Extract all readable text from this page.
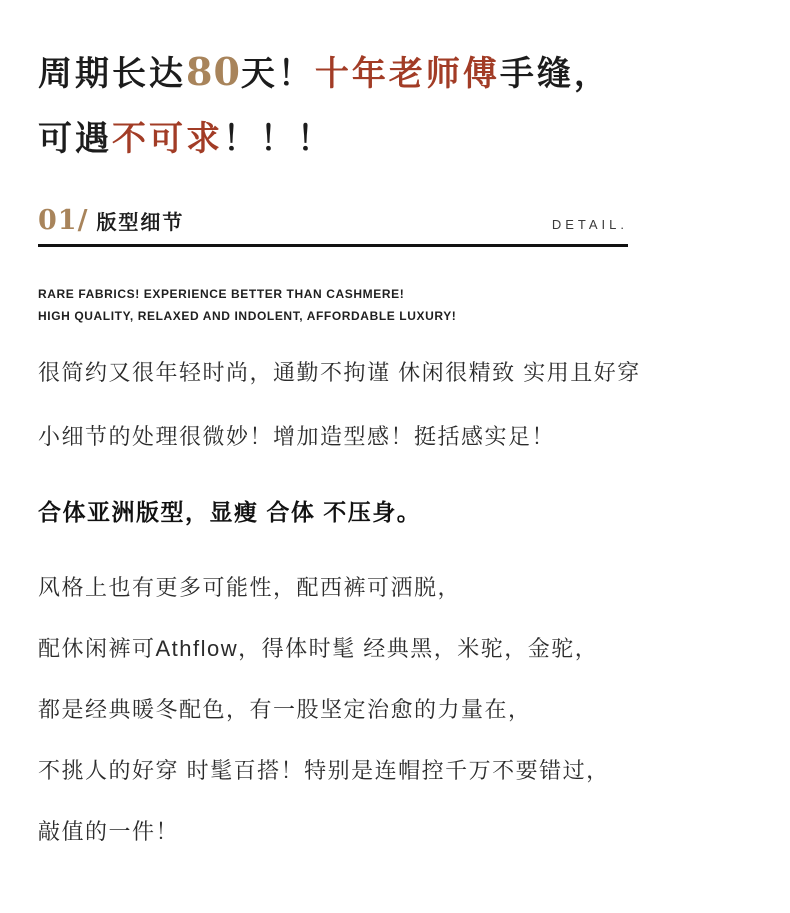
周期长达80天！十年老师傅手缝，
可遇不可求！！！
01/ 版型细节	DETAIL.
RARE FABRICS! EXPERIENCE BETTER THAN CASHMERE!
HIGH QUALITY, RELAXED AND INDOLENT, AFFORDABLE LUXURY!
很简约又很年轻时尚，通勤不拘谨 休闲很精致 实用且好穿
小细节的处理很微妙！增加造型感！挺括感实足！
合体亚洲版型，显瘦 合体 不压身。
风格上也有更多可能性，配西裤可洒脱，
配休闲裤可Athflow，得体时髦 经典黑，米驼，金驼，
都是经典暖冬配色，有一股坚定治愈的力量在，
不挑人的好穿 时髦百搭！特别是连帽控千万不要错过，
敲值的一件！
